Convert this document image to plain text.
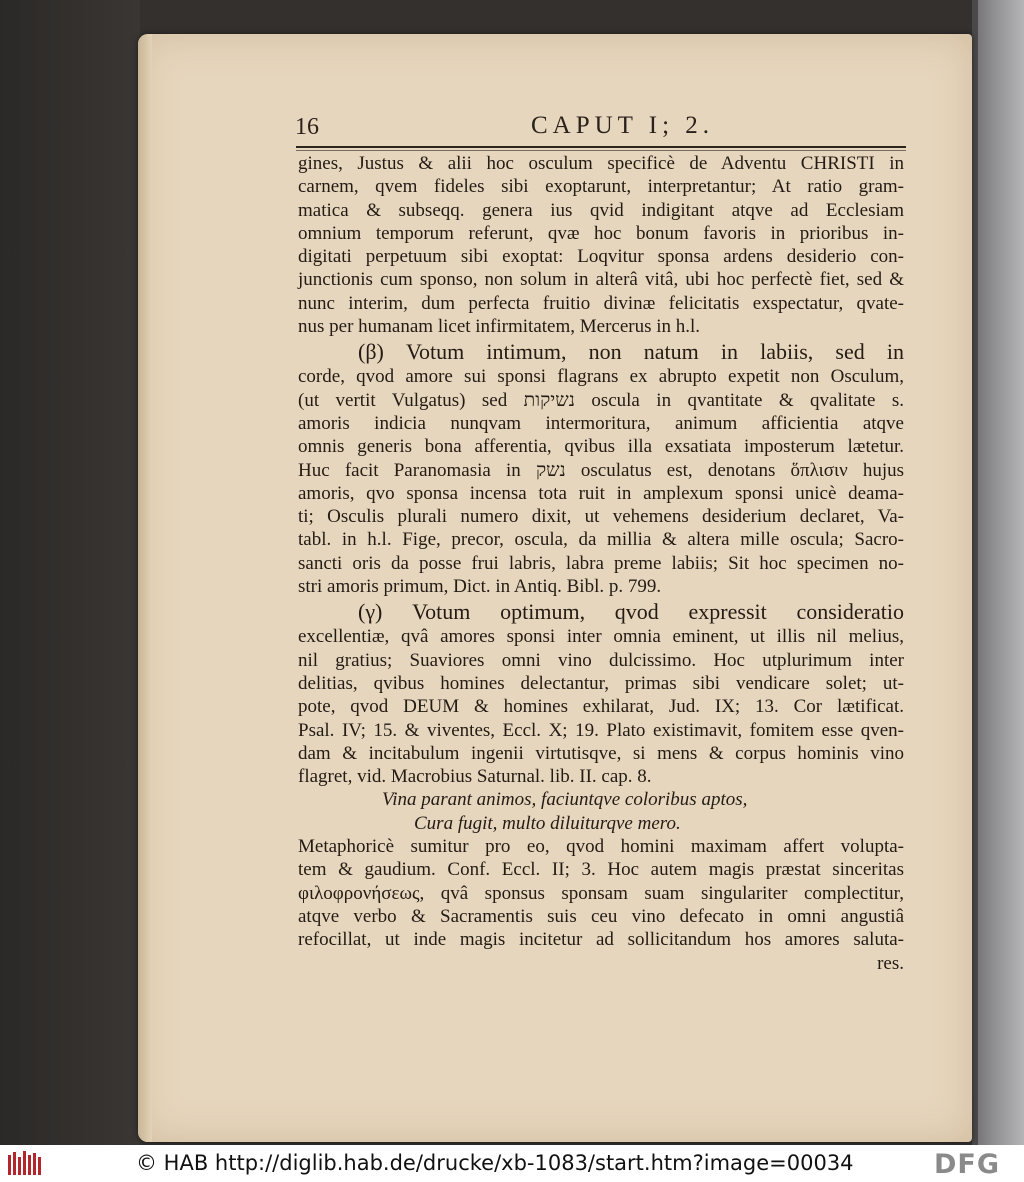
16	CAPUT I; 2.
gines, Justus & alii hoc osculum specificè de Adventu CHRISTI in
carnem, qvem fideles sibi exoptarunt, interpretantur; At ratio gram-
matica & subseqq. genera ius qvid indigitant atqve ad Ecclesiam
omnium temporum referunt, qvæ hoc bonum favoris in prioribus in-
digitati perpetuum sibi exoptat: Loqvitur sponsa ardens desiderio con-
junctionis cum sponso, non solum in alterâ vitâ, ubi hoc perfectè fiet, sed &
nunc interim, dum perfecta fruitio divinæ felicitatis exspectatur, qvate-
nus per humanam licet infirmitatem, Mercerus in h.l.
(β) Votum intimum, non natum in labiis, sed in
corde, qvod amore sui sponsi flagrans ex abrupto expetit non Osculum,
(ut vertit Vulgatus) sed נשיקות oscula in qvantitate & qvalitate s.
amoris indicia nunqvam intermoritura, animum afficientia atqve
omnis generis bona afferentia, qvibus illa exsatiata imposterum lætetur.
Huc facit Paranomasia in נשק osculatus est, denotans ὅπλισιν hujus
amoris, qvo sponsa incensa tota ruit in amplexum sponsi unicè deama-
ti; Osculis plurali numero dixit, ut vehemens desiderium declaret, Va-
tabl. in h.l. Fige, precor, oscula, da millia & altera mille oscula; Sacro-
sancti oris da posse frui labris, labra preme labiis; Sit hoc specimen no-
stri amoris primum, Dict. in Antiq. Bibl. p. 799.
(γ) Votum optimum, qvod expressit consideratio
excellentiæ, qvâ amores sponsi inter omnia eminent, ut illis nil melius,
nil gratius; Suaviores omni vino dulcissimo. Hoc utplurimum inter
delitias, qvibus homines delectantur, primas sibi vendicare solet; ut-
pote, qvod DEUM & homines exhilarat, Jud. IX; 13. Cor lætificat.
Psal. IV; 15. & viventes, Eccl. X; 19. Plato existimavit, fomitem esse qven-
dam & incitabulum ingenii virtutisqve, si mens & corpus hominis vino
flagret, vid. Macrobius Saturnal. lib. II. cap. 8.
Vina parant animos, faciuntqve coloribus aptos,
Cura fugit, multo diluiturqve mero.
Metaphoricè sumitur pro eo, qvod homini maximam affert volupta-
tem & gaudium. Conf. Eccl. II; 3. Hoc autem magis præstat sinceritas
φιλοφρονήσεως, qvâ sponsus sponsam suam singulariter complectitur,
atqve verbo & Sacramentis suis ceu vino defecato in omni angustiâ
refocillat, ut inde magis incitetur ad sollicitandum hos amores saluta-
res.
© HAB http://diglib.hab.de/drucke/xb-1083/start.htm?image=00034	DFG
